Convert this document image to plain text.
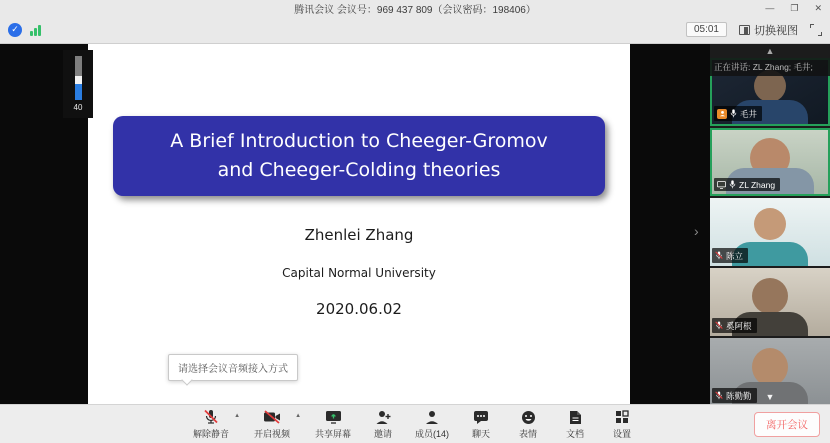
腾讯会议 会议号：969 437 809（会议密码：198406）	— ❐ ✕
✓	05:01	切换视图
A Brief Introduction to Cheeger-Gromov
and Cheeger-Colding theories
Zhenlei Zhang
Capital Normal University
2020.06.02
请选择会议音频接入方式
40
›
▲
正在讲话: ZL Zhang; 毛井;
毛井
ZL Zhang
陈立
奚阿根
陈勤勤	▼
解除静音
▲
开启视频
▲
共享屏幕	邀请	成员(14)	聊天	表情	文档	设置
离开会议
